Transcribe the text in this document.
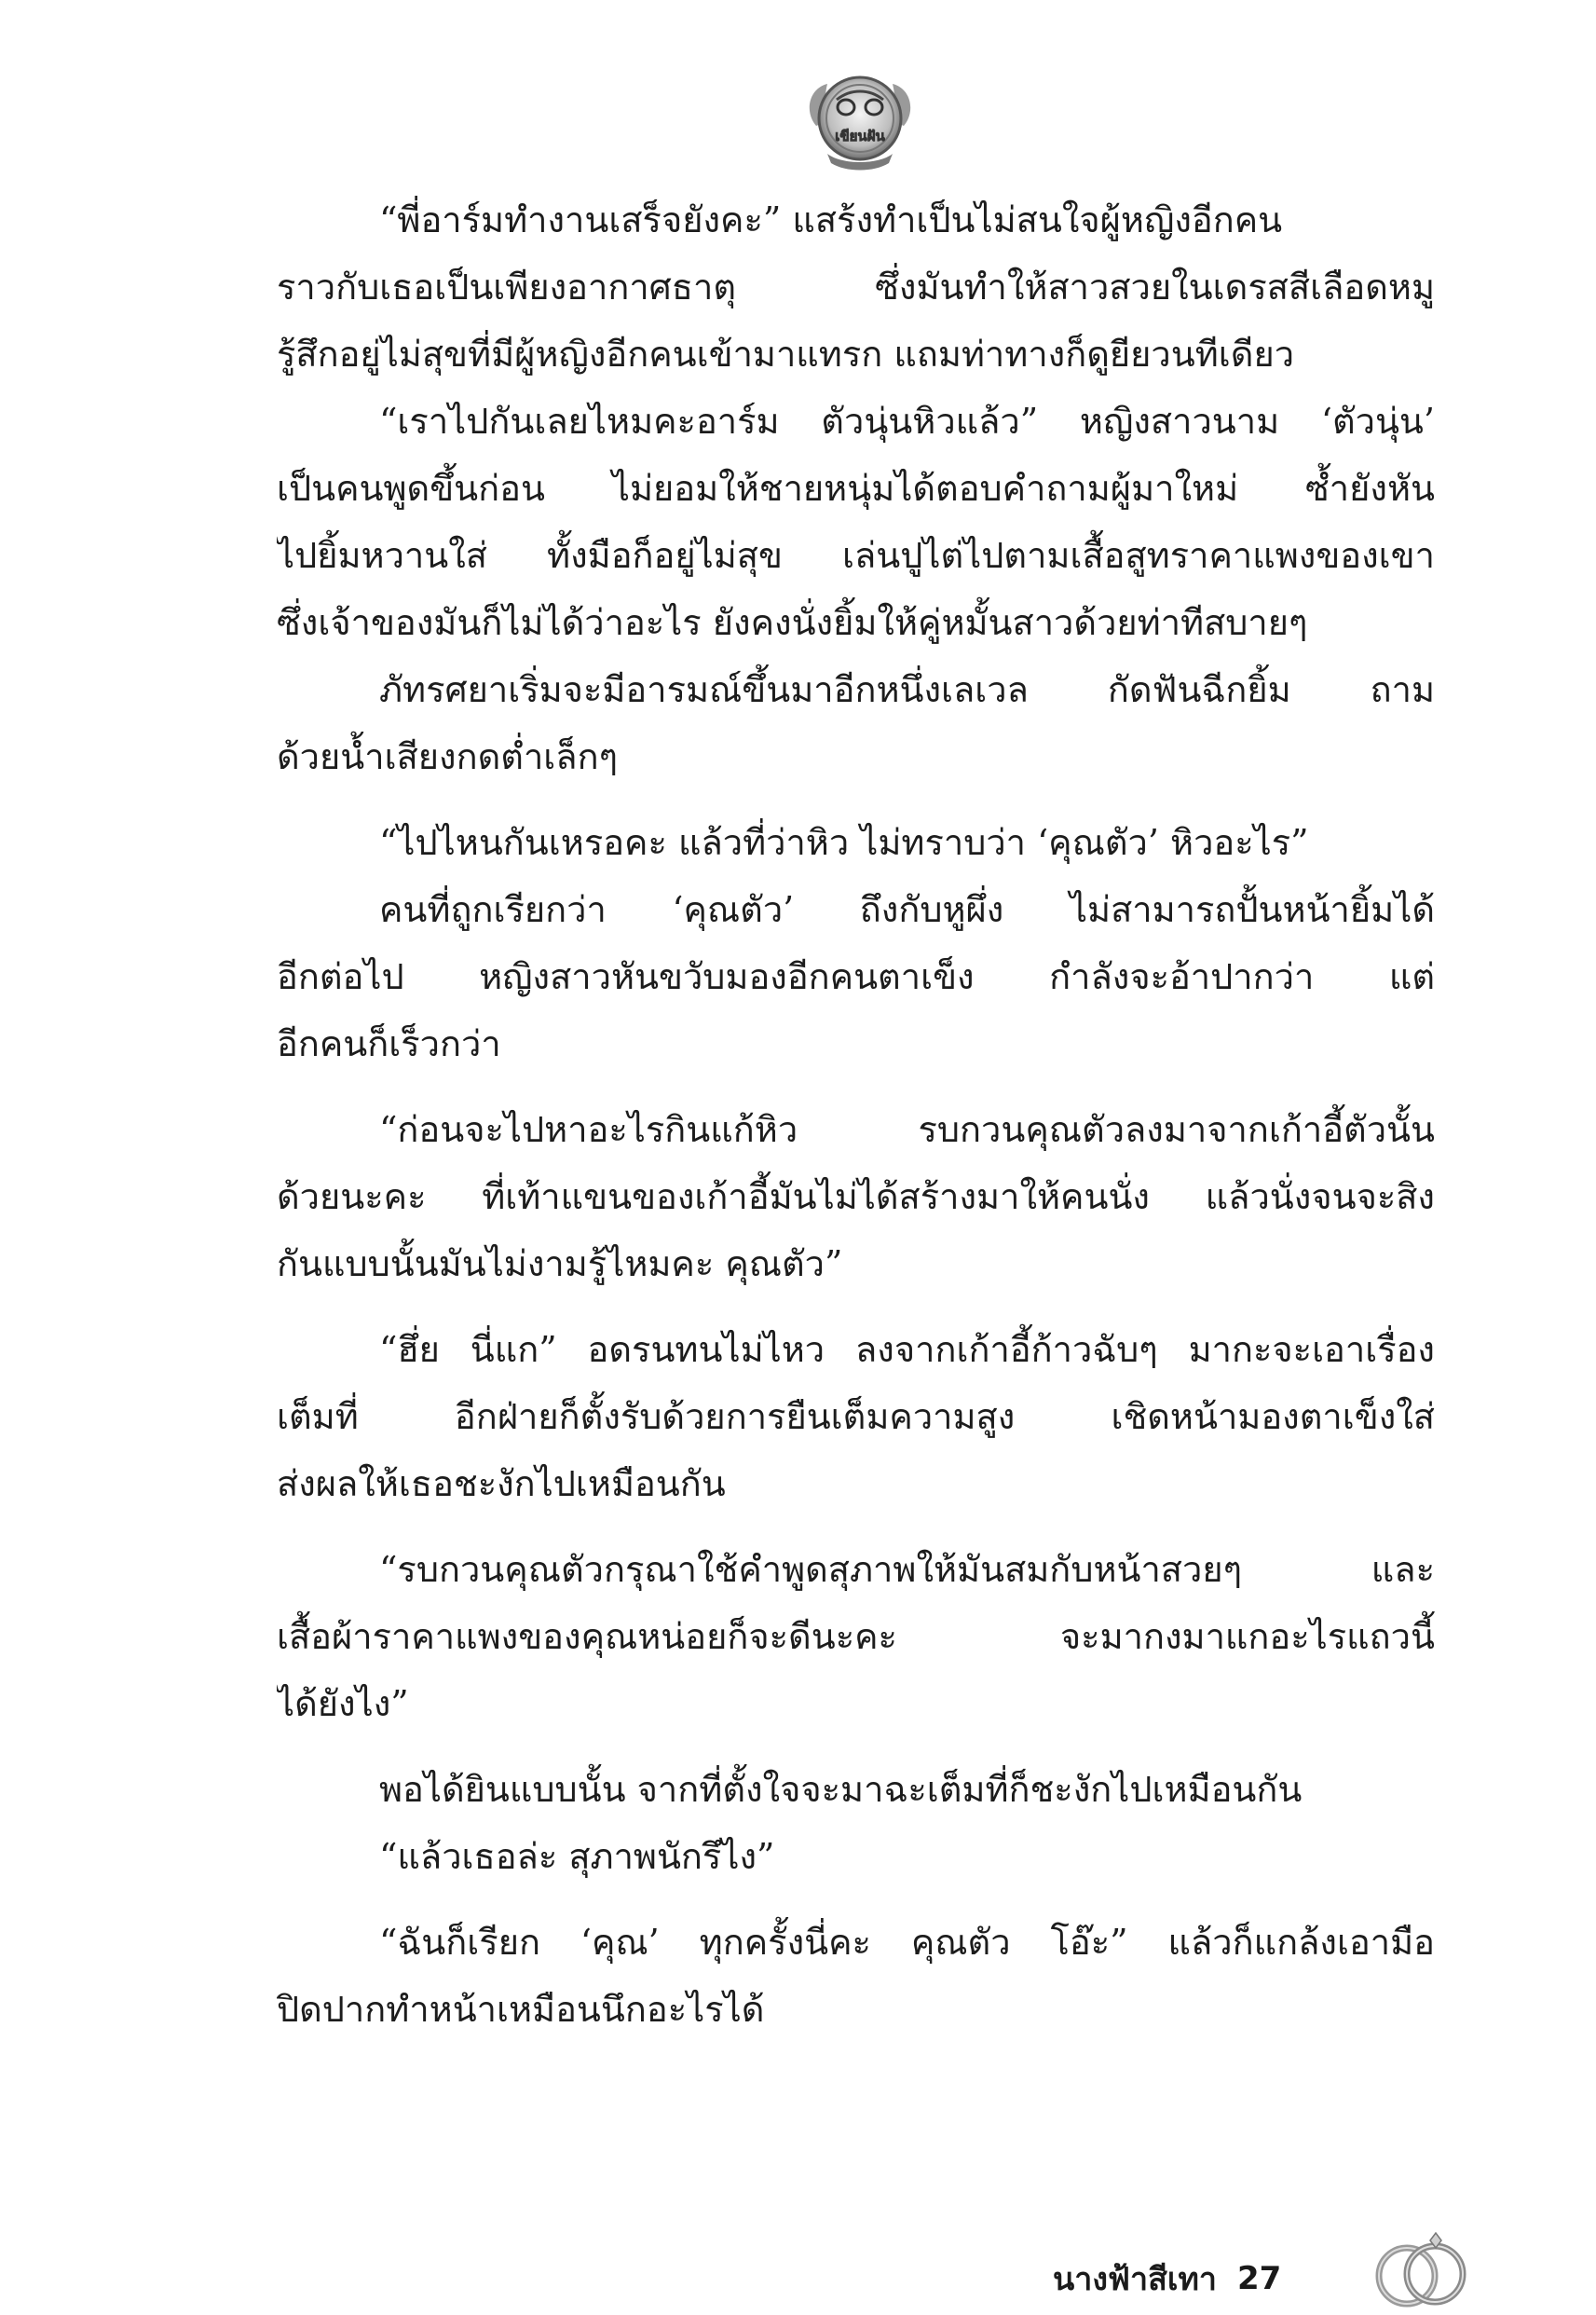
เขียนฝัน
“พี่อาร์มทำงานเสร็จยังคะ” แสร้งทำเป็นไม่สนใจผู้หญิงอีกคน
ราวกับเธอเป็นเพียงอากาศธาตุ ซึ่งมันทำให้สาวสวยในเดรสสีเลือดหมู
รู้สึกอยู่ไม่สุขที่มีผู้หญิงอีกคนเข้ามาแทรก แถมท่าทางก็ดูยียวนทีเดียว
“เราไปกันเลยไหมคะอาร์ม ตัวนุ่นหิวแล้ว” หญิงสาวนาม ‘ตัวนุ่น’
เป็นคนพูดขึ้นก่อน ไม่ยอมให้ชายหนุ่มได้ตอบคำถามผู้มาใหม่ ซ้ำยังหัน
ไปยิ้มหวานใส่ ทั้งมือก็อยู่ไม่สุข เล่นปูไต่ไปตามเสื้อสูทราคาแพงของเขา
ซึ่งเจ้าของมันก็ไม่ได้ว่าอะไร ยังคงนั่งยิ้มให้คู่หมั้นสาวด้วยท่าทีสบายๆ
ภัทรศยาเริ่มจะมีอารมณ์ขึ้นมาอีกหนึ่งเลเวล กัดฟันฉีกยิ้ม ถาม
ด้วยน้ำเสียงกดต่ำเล็กๆ
“ไปไหนกันเหรอคะ แล้วที่ว่าหิว ไม่ทราบว่า ‘คุณตัว’ หิวอะไร”
คนที่ถูกเรียกว่า ‘คุณตัว’ ถึงกับหูผึ่ง ไม่สามารถปั้นหน้ายิ้มได้
อีกต่อไป หญิงสาวหันขวับมองอีกคนตาเข็ง กำลังจะอ้าปากว่า แต่
อีกคนก็เร็วกว่า
“ก่อนจะไปหาอะไรกินแก้หิว รบกวนคุณตัวลงมาจากเก้าอี้ตัวนั้น
ด้วยนะคะ ที่เท้าแขนของเก้าอี้มันไม่ได้สร้างมาให้คนนั่ง แล้วนั่งจนจะสิง
กันแบบนั้นมันไม่งามรู้ไหมคะ คุณตัว”
“ฮึ่ย นี่แก” อดรนทนไม่ไหว ลงจากเก้าอี้ก้าวฉับๆ มากะจะเอาเรื่อง
เต็มที่ อีกฝ่ายก็ตั้งรับด้วยการยืนเต็มความสูง เชิดหน้ามองตาเข็งใส่
ส่งผลให้เธอชะงักไปเหมือนกัน
“รบกวนคุณตัวกรุณาใช้คำพูดสุภาพให้มันสมกับหน้าสวยๆ และ
เสื้อผ้าราคาแพงของคุณหน่อยก็จะดีนะคะ จะมากงมาแกอะไรแถวนี้
ได้ยังไง”
พอได้ยินแบบนั้น จากที่ตั้งใจจะมาฉะเต็มที่ก็ชะงักไปเหมือนกัน
“แล้วเธอล่ะ สุภาพนักรึไง”
“ฉันก็เรียก ‘คุณ’ ทุกครั้งนี่คะ คุณตัว โอ๊ะ” แล้วก็แกล้งเอามือ
ปิดปากทำหน้าเหมือนนึกอะไรได้
นางฟ้าสีเทา 27
